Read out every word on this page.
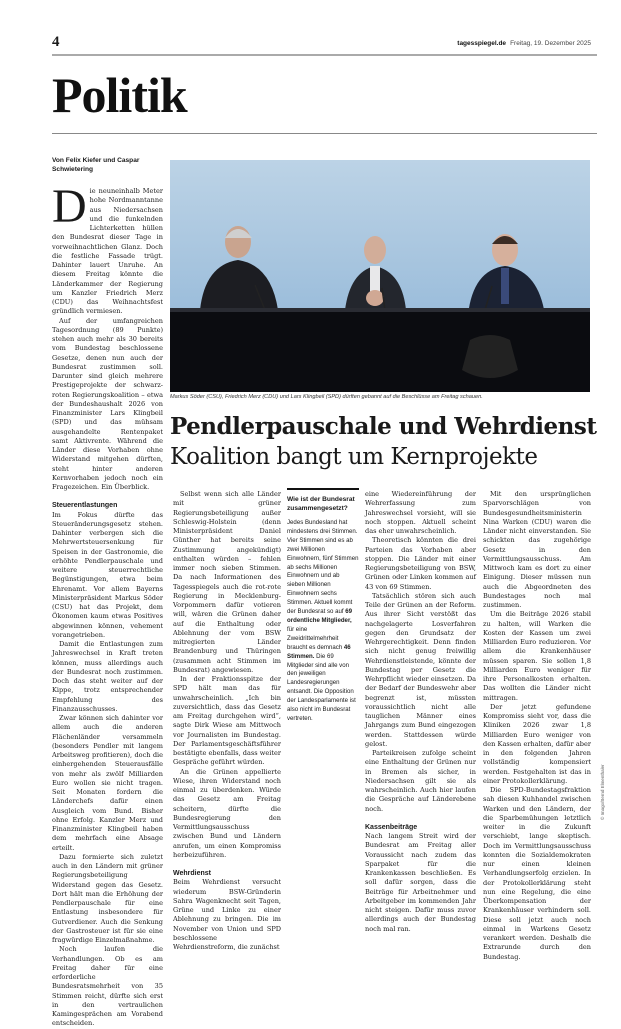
4	tagesspiegel.de Freitag, 19. Dezember 2025
Politik
Von Felix Kiefer und Caspar Schwietering

Die neuneinhalb Meter hohe Nordmanntanne aus Niedersachsen und die funkelnden Lichterketten hüllen den Bundesrat dieser Tage in vorweihnachtlichen Glanz. Doch die festliche Fassade trügt. Dahinter lauert Unruhe. An diesem Freitag könnte die Länderkammer der Regierung um Kanzler Friedrich Merz (CDU) das Weihnachtsfest gründlich vermiesen.

Auf der umfangreichen Tagesordnung (89 Punkte) stehen auch mehr als 30 bereits vom Bundestag beschlossene Gesetze, denen nun auch der Bundesrat zustimmen soll. Darunter sind gleich mehrere Prestigeprojekte der schwarz-roten Regierungskoalition – etwa der Bundeshaushalt 2026 von Finanzminister Lars Klingbeil (SPD) und das mühsam ausgehandelte Rentenpaket samt Aktivrente. Während die Länder diese Vorhaben ohne Widerstand mitgehen dürften, steht hinter anderen Kernvorhaben jedoch noch ein Fragezeichen. Ein Überblick.

Steuerentlastungen

Im Fokus dürfte das Steueränderungsgesetz stehen. Dahinter verbergen sich die Mehrwertsteuersenkung für Speisen in der Gastronomie, die erhöhte Pendlerpauschale und weitere steuerrechtliche Begünstigungen, etwa beim Ehrenamt. Vor allem Bayerns Ministerpräsident Markus Söder (CSU) hat das Projekt, dem Ökonomen kaum etwas Positives abgewinnen können, vehement vorangetrieben.

Damit die Entlastungen zum Jahreswechsel in Kraft treten können, muss allerdings auch der Bundesrat noch zustimmen. Doch das steht weiter auf der Kippe, trotz entsprechender Empfehlung des Finanzausschusses.

Zwar können sich dahinter vor allem auch die anderen Flächenländer versammeln (besonders Pendler mit langem Arbeitsweg profitieren), doch die einhergehenden Steuerausfälle von mehr als zwölf Milliarden Euro wollen sie nicht tragen. Seit Monaten fordern die Länderchefs dafür einen Ausgleich vom Bund. Bisher ohne Erfolg. Kanzler Merz und Finanzminister Klingbeil haben dem mehrfach eine Absage erteilt.

Dazu formierte sich zuletzt auch in den Ländern mit grüner Regierungsbeteiligung Widerstand gegen das Gesetz. Dort hält man die Erhöhung der Pendlerpauschale für eine Entlastung insbesondere für Gutverdiener. Auch die Senkung der Gastrosteuer ist für sie eine fragwürdige Einzelmaßnahme.

Noch laufen die Verhandlungen. Ob es am Freitag daher für eine erforderliche Bundesratsmehrheit von 35 Stimmen reicht, dürfte sich erst in den vertraulichen Kamingesprächen am Vorabend entscheiden.

Markus Söder (CSU), Friedrich Merz (CDU) und Lars Klingbeil (SPD) dürften gebannt auf die Beschlüsse am Freitag schauen.
© Imago/Bernd Elmenthaler
Pendlerpauschale und Wehrdienst
Koalition bangt um Kernprojekte

Selbst wenn sich alle Länder mit grüner Regierungsbeteiligung außer Schleswig-Holstein (denn Ministerpräsident Daniel Günther hat bereits seine Zustimmung angekündigt) enthalten würden – fehlen immer noch sieben Stimmen. Da nach Informationen des Tagesspiegels auch die rot-rote Regierung in Mecklenburg-Vorpommern dafür votieren will, wären die Grünen daher auf die Enthaltung oder Ablehnung der vom BSW mitregierten Länder Brandenburg und Thüringen (zusammen acht Stimmen im Bundesrat) angewiesen.

In der Fraktionsspitze der SPD hält man das für unwahrscheinlich. „Ich bin zuversichtlich, dass das Gesetz am Freitag durchgehen wird“, sagte Dirk Wiese am Mittwoch vor Journalisten im Bundestag. Der Parlamentsgeschäftsführer bestätigte ebenfalls, dass weiter Gespräche geführt würden.

An die Grünen appellierte Wiese, ihren Widerstand noch einmal zu überdenken. Würde das Gesetz am Freitag scheitern, dürfte die Bundesregierung den Vermittlungsausschuss zwischen Bund und Ländern anrufen, um einen Kompromiss herbeizuführen.

Wehrdienst

Beim Wehrdienst versucht wiederum BSW-Gründerin Sahra Wagenknecht seit Tagen, Grüne und Linke zu einer Ablehnung zu bringen. Die im November von Union und SPD beschlossene Wehrdienstreform, die zunächst

Wie ist der Bundesrat zusammengesetzt?

Jedes Bundesland hat mindestens drei Stimmen. Vier Stimmen sind es ab zwei Millionen Einwohnern, fünf Stimmen ab sechs Millionen Einwohnern und ab sieben Millionen Einwohnern sechs Stimmen. Aktuell kommt der Bundesrat so auf 69 ordentliche Mitglieder, für eine Zweidrittelmehrheit braucht es demnach 46 Stimmen. Die 69 Mitglieder sind alle von den jeweiligen Landesregierungen entsandt. Die Opposition der Landesparlamente ist also nicht im Bundesrat vertreten.

eine Wiedereinführung der Wehrerfassung zum Jahreswechsel vorsieht, will sie noch stoppen. Aktuell scheint das eher unwahrscheinlich.

Theoretisch könnten die drei Parteien das Vorhaben aber stoppen. Die Länder mit einer Regierungsbeteiligung von BSW, Grünen oder Linken kommen auf 43 von 69 Stimmen.

Tatsächlich stören sich auch Teile der Grünen an der Reform. Aus ihrer Sicht verstößt das nachgelagerte Losverfahren gegen den Grundsatz der Wehrgerechtigkeit. Denn finden sich nicht genug freiwillig Wehrdienstleistende, könnte der Bundestag per Gesetz die Wehrpflicht wieder einsetzen. Da der Bedarf der Bundeswehr aber begrenzt ist, müssten voraussichtlich nicht alle tauglichen Männer eines Jahrgangs zum Bund eingezogen werden. Stattdessen würde gelost.

Parteikreisen zufolge scheint eine Enthaltung der Grünen nur in Bremen als sicher, in Niedersachsen gilt sie als wahrscheinlich. Auch hier laufen die Gespräche auf Länderebene noch.

Kassenbeiträge

Nach langem Streit wird der Bundesrat am Freitag aller Voraussicht nach zudem das Sparpaket für die Krankenkassen beschließen. Es soll dafür sorgen, dass die Beiträge für Arbeitnehmer und Arbeitgeber im kommenden Jahr nicht steigen. Dafür muss zuvor allerdings auch der Bundestag noch mal ran.

Mit den ursprünglichen Sparvorschlägen von Bundesgesundheitsministerin Nina Warken (CDU) waren die Länder nicht einverstanden. Sie schickten das zugehörige Gesetz in den Vermittlungsausschuss. Am Mittwoch kam es dort zu einer Einigung. Dieser müssen nun auch die Abgeordneten des Bundestages noch mal zustimmen.

Um die Beiträge 2026 stabil zu halten, will Warken die Kosten der Kassen um zwei Milliarden Euro reduzieren. Vor allem die Krankenhäuser müssen sparen. Sie sollen 1,8 Milliarden Euro weniger für ihre Personalkosten erhalten. Das wollten die Länder nicht mittragen.

Der jetzt gefundene Kompromiss sieht vor, dass die Kliniken 2026 zwar 1,8 Milliarden Euro weniger von den Kassen erhalten, dafür aber in den folgenden Jahren vollständig kompensiert werden. Festgehalten ist das in einer Protokollerklärung.

Die SPD-Bundestagsfraktion sah diesen Kuhhandel zwischen Warken und den Ländern, der die Sparbemühungen letztlich weiter in die Zukunft verschiebt, lange skeptisch. Doch im Vermittlungsausschuss konnten die Sozialdemokraten nur einen kleinen Verhandlungserfolg erzielen. In der Protokollerklärung steht nun eine Regelung, die eine Überkompensation der Krankenhäuser verhindern soll. Diese soll jetzt auch noch einmal in Warkens Gesetz verankert werden. Deshalb die Extrarunde durch den Bundestag.
